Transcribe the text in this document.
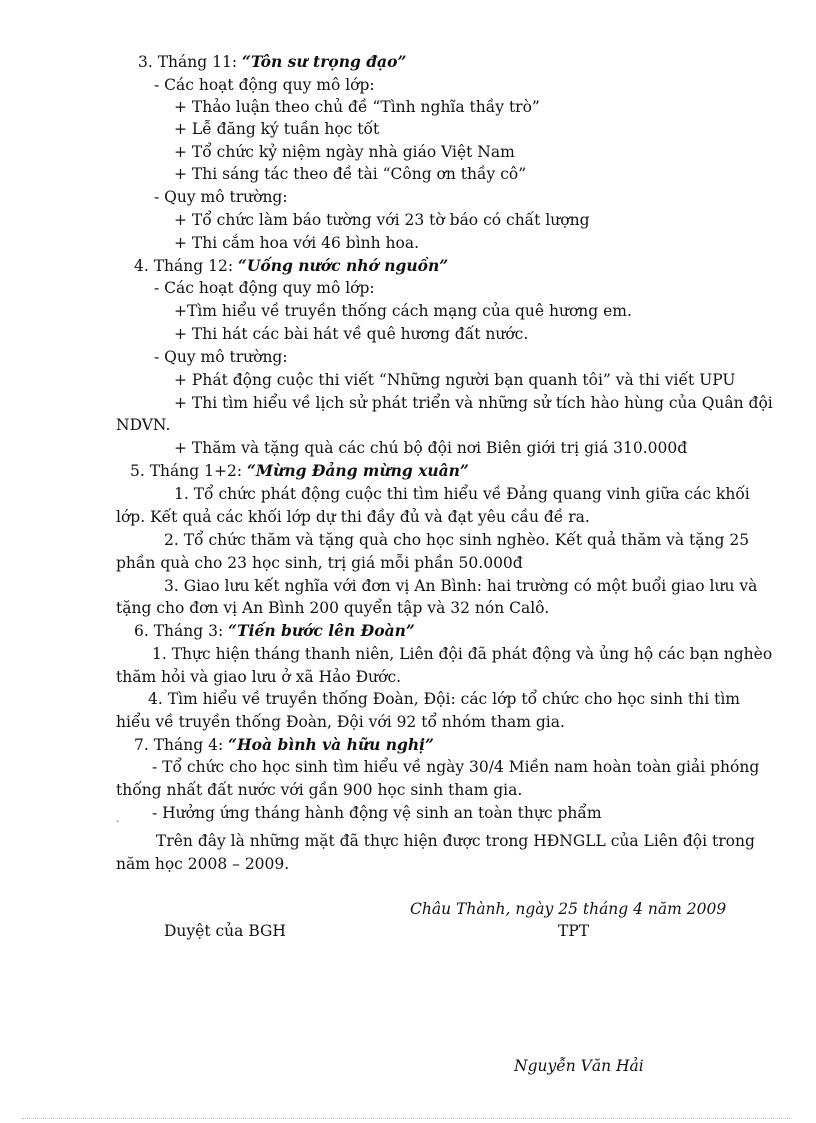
3. Tháng 11: “Tôn sư trọng đạo”
- Các hoạt động quy mô lớp:
+ Thảo luận theo chủ đề “Tình nghĩa thầy trò”
+ Lễ đăng ký tuần học tốt
+ Tổ chức kỷ niệm ngày nhà giáo Việt Nam
+ Thi sáng tác theo đề tài “Công ơn thầy cô”
- Quy mô trường:
+ Tổ chức làm báo tường với 23 tờ báo có chất lượng
+ Thi cắm hoa với 46 bình hoa.
4. Tháng 12: “Uống nước nhớ nguồn”
- Các hoạt động quy mô lớp:
+Tìm hiểu về truyền thống cách mạng của quê hương em.
+ Thi hát các bài hát về quê hương đất nước.
- Quy mô trường:
+ Phát động cuộc thi viết “Những người bạn quanh tôi” và thi viết UPU
+ Thi tìm hiểu về lịch sử phát triển và những sử tích hào hùng của Quân đội
NDVN.
+ Thăm và tặng quà các chú bộ đội nơi Biên giới trị giá 310.000đ
5. Tháng 1+2: “Mừng Đảng mừng xuân”
1. Tổ chức phát động cuộc thi tìm hiểu về Đảng quang vinh giữa các khối
lớp. Kết quả các khối lớp dự thi đầy đủ và đạt yêu cầu đề ra.
2. Tổ chức thăm và tặng quà cho học sinh nghèo. Kết quả thăm và tặng 25
phần quà cho 23 học sinh, trị giá mỗi phần 50.000đ
3. Giao lưu kết nghĩa với đơn vị An Bình: hai trường có một buổi giao lưu và
tặng cho đơn vị An Bình 200 quyển tập và 32 nón Calô.
6. Tháng 3: “Tiến bước lên Đoàn”
1. Thực hiện tháng thanh niên, Liên đội đã phát động và ủng hộ các bạn nghèo
thăm hỏi và giao lưu ở xã Hảo Đước.
4. Tìm hiểu về truyền thống Đoàn, Đội: các lớp tổ chức cho học sinh thi tìm
hiểu về truyền thống Đoàn, Đội với 92 tổ nhóm tham gia.
7. Tháng 4: “Hoà bình và hữu nghị”
- Tổ chức cho học sinh tìm hiểu về ngày 30/4 Miền nam hoàn toàn giải phóng
thống nhất đất nước với gần 900 học sinh tham gia.
- Hưởng ứng tháng hành động vệ sinh an toàn thực phẩm
-
Trên đây là những mặt đã thực hiện được trong HĐNGLL của Liên đội trong
năm học 2008 – 2009.
Châu Thành, ngày 25 tháng 4 năm 2009
Duyệt của BGH	TPT
Nguyễn Văn Hải
